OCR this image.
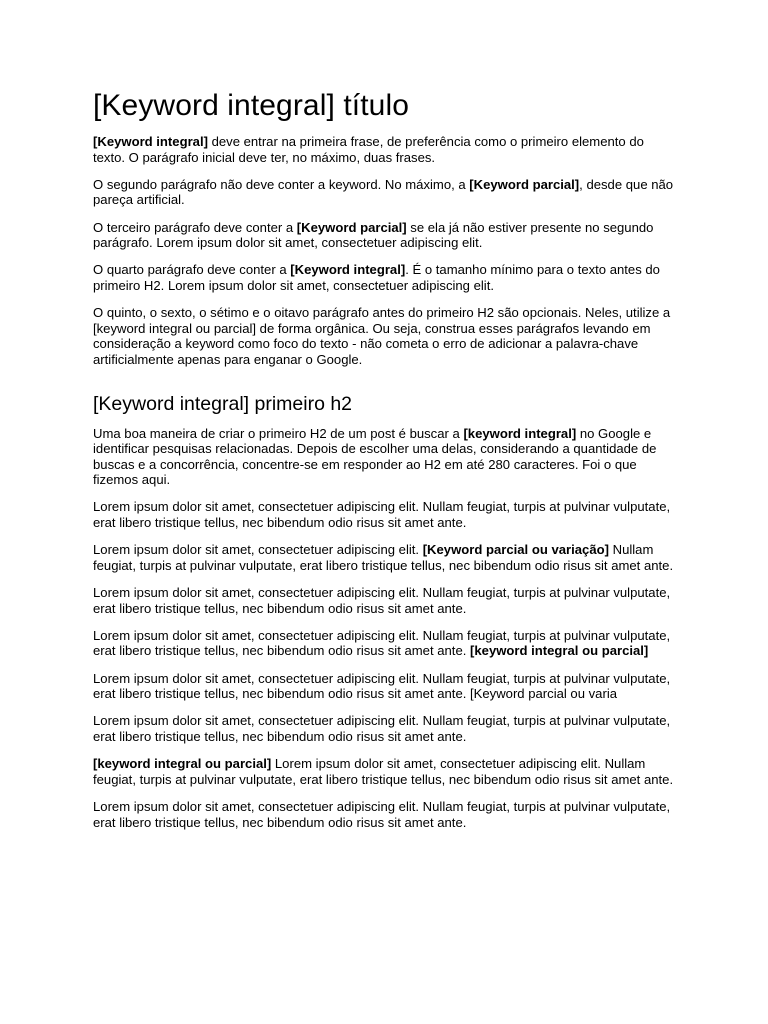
[Keyword integral] título

[Keyword integral] deve entrar na primeira frase, de preferência como o primeiro elemento do texto. O parágrafo inicial deve ter, no máximo, duas frases.

O segundo parágrafo não deve conter a keyword. No máximo, a [Keyword parcial], desde que não pareça artificial.

O terceiro parágrafo deve conter a [Keyword parcial] se ela já não estiver presente no segundo parágrafo. Lorem ipsum dolor sit amet, consectetuer adipiscing elit.

O quarto parágrafo deve conter a [Keyword integral]. É o tamanho mínimo para o texto antes do primeiro H2. Lorem ipsum dolor sit amet, consectetuer adipiscing elit.

O quinto, o sexto, o sétimo e o oitavo parágrafo antes do primeiro H2 são opcionais. Neles, utilize a [keyword integral ou parcial] de forma orgânica. Ou seja, construa esses parágrafos levando em consideração a keyword como foco do texto - não cometa o erro de adicionar a palavra-chave artificialmente apenas para enganar o Google.

[Keyword integral] primeiro h2

Uma boa maneira de criar o primeiro H2 de um post é buscar a [keyword integral] no Google e identificar pesquisas relacionadas. Depois de escolher uma delas, considerando a quantidade de buscas e a concorrência, concentre-se em responder ao H2 em até 280 caracteres. Foi o que fizemos aqui.

Lorem ipsum dolor sit amet, consectetuer adipiscing elit. Nullam feugiat, turpis at pulvinar vulputate, erat libero tristique tellus, nec bibendum odio risus sit amet ante.

Lorem ipsum dolor sit amet, consectetuer adipiscing elit. [Keyword parcial ou variação] Nullam feugiat, turpis at pulvinar vulputate, erat libero tristique tellus, nec bibendum odio risus sit amet ante.

Lorem ipsum dolor sit amet, consectetuer adipiscing elit. Nullam feugiat, turpis at pulvinar vulputate, erat libero tristique tellus, nec bibendum odio risus sit amet ante.

Lorem ipsum dolor sit amet, consectetuer adipiscing elit. Nullam feugiat, turpis at pulvinar vulputate, erat libero tristique tellus, nec bibendum odio risus sit amet ante. [keyword integral ou parcial]

Lorem ipsum dolor sit amet, consectetuer adipiscing elit. Nullam feugiat, turpis at pulvinar vulputate, erat libero tristique tellus, nec bibendum odio risus sit amet ante. [Keyword parcial ou varia

Lorem ipsum dolor sit amet, consectetuer adipiscing elit. Nullam feugiat, turpis at pulvinar vulputate, erat libero tristique tellus, nec bibendum odio risus sit amet ante.

[keyword integral ou parcial] Lorem ipsum dolor sit amet, consectetuer adipiscing elit. Nullam feugiat, turpis at pulvinar vulputate, erat libero tristique tellus, nec bibendum odio risus sit amet ante.

Lorem ipsum dolor sit amet, consectetuer adipiscing elit. Nullam feugiat, turpis at pulvinar vulputate, erat libero tristique tellus, nec bibendum odio risus sit amet ante.
